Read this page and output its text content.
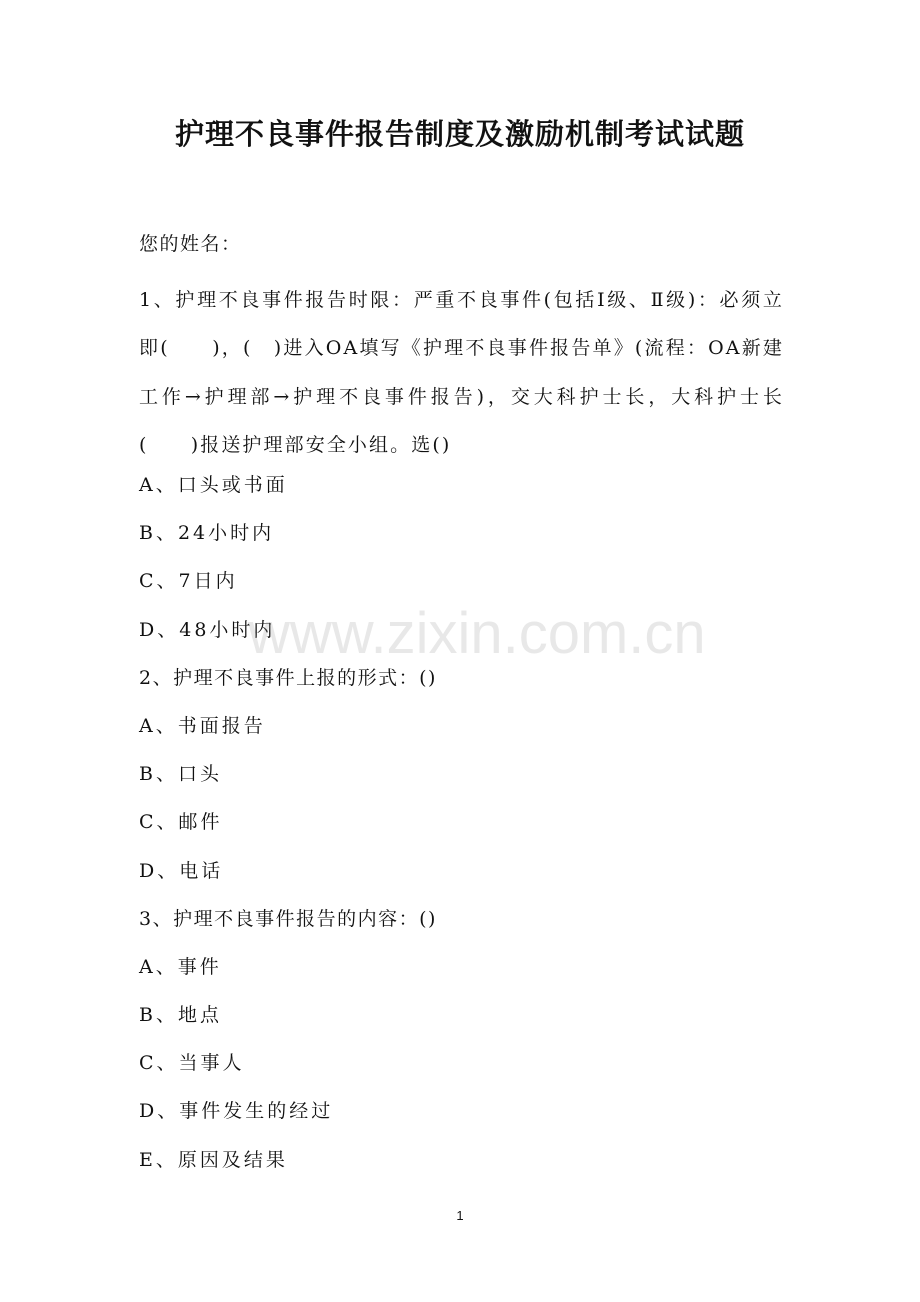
护理不良事件报告制度及激励机制考试试题
您的姓名：
1、护理不良事件报告时限：严重不良事件(包括Ⅰ级、Ⅱ级)：必须立即(　　)，(　)进入OA填写《护理不良事件报告单》(流程：OA新建工作→护理部→护理不良事件报告)，交大科护士长，大科护士长(　　)报送护理部安全小组。选()
A、口头或书面
B、24小时内
C、7日内
D、48小时内
2、护理不良事件上报的形式：()
A、书面报告
B、口头
C、邮件
D、电话
3、护理不良事件报告的内容：()
A、事件
B、地点
C、当事人
D、事件发生的经过
E、原因及结果
www.zixin.com.cn
1
